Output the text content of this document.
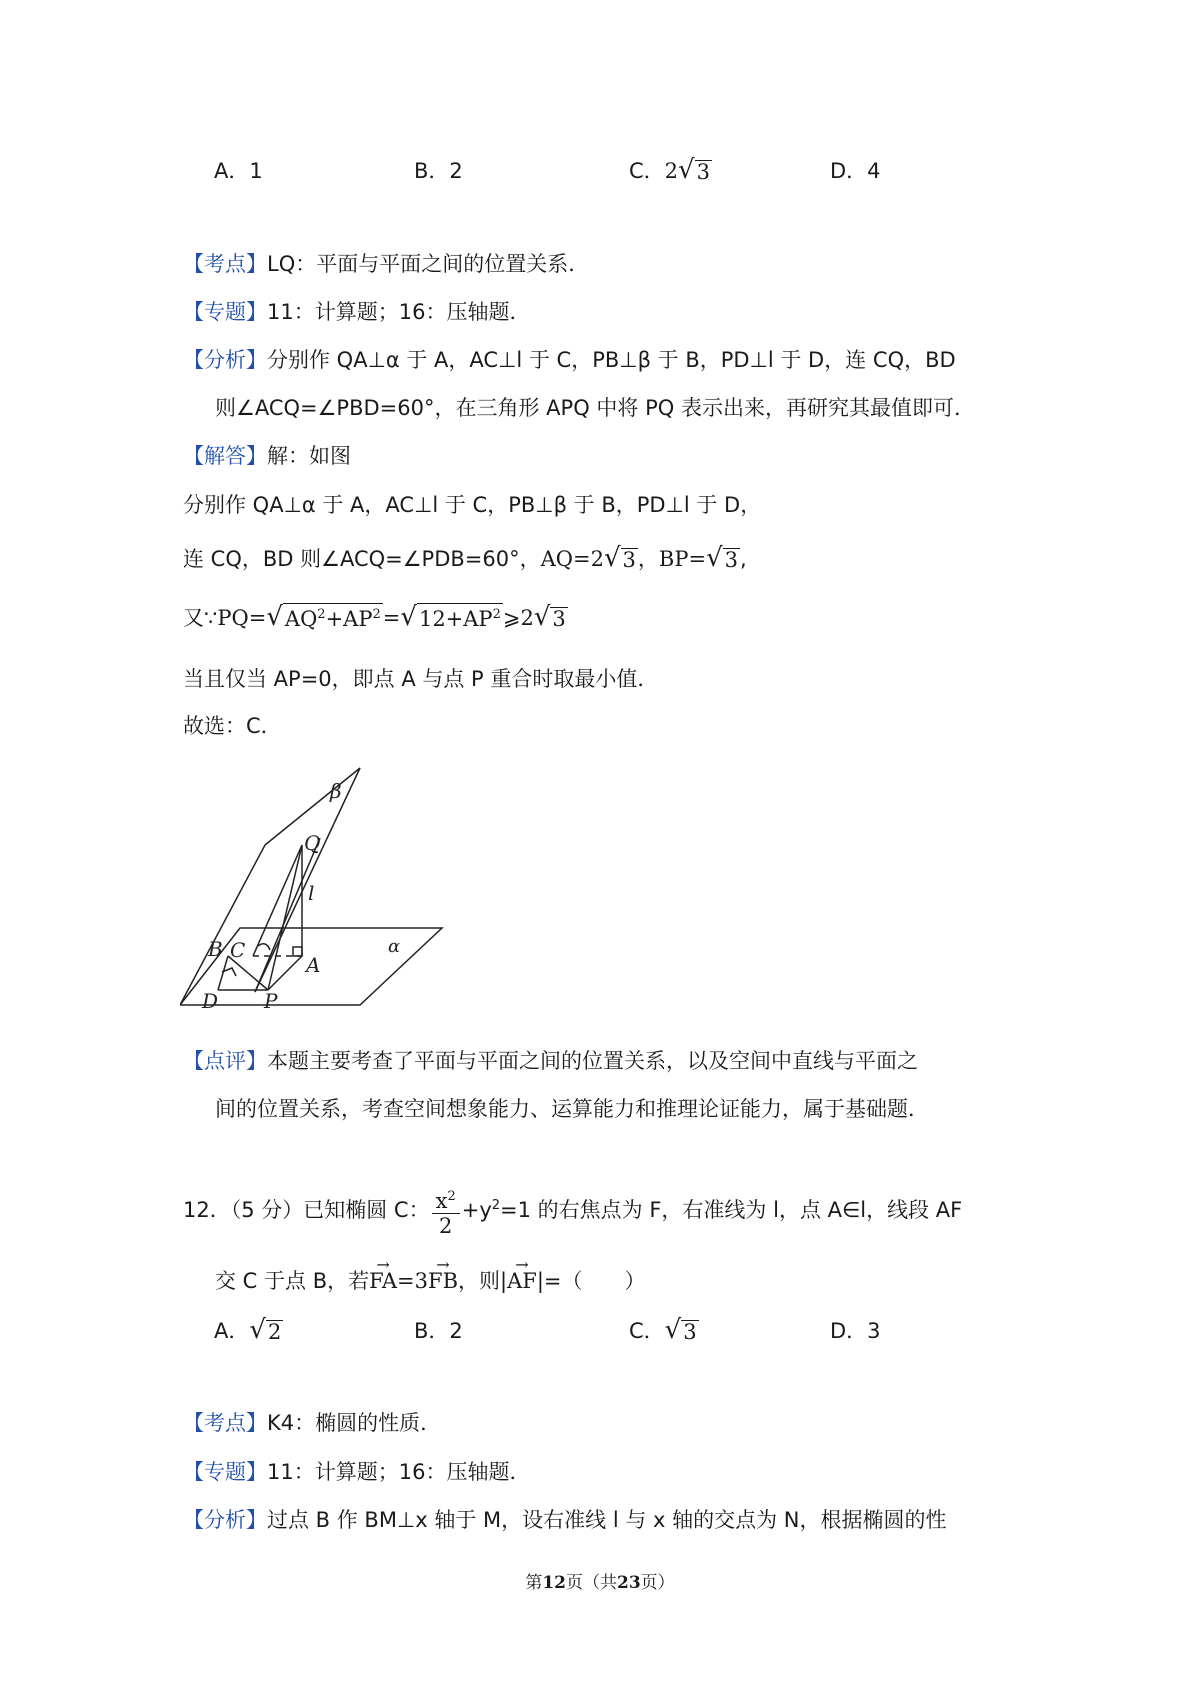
A．1	B．2	C．2 √ 3	D．4
【考点】LQ：平面与平面之间的位置关系．
【专题】11：计算题；16：压轴题．
【分析】分别作 QA⊥α 于 A，AC⊥l 于 C，PB⊥β 于 B，PD⊥l 于 D，连 CQ，BD
则∠ACQ=∠PBD=60°，在三角形 APQ 中将 PQ 表示出来，再研究其最值即可．
【解答】解：如图
分别作 QA⊥α 于 A，AC⊥l 于 C，PB⊥β 于 B，PD⊥l 于 D，
连 CQ，BD 则∠ACQ=∠PDB=60°，AQ=2 √ 3 ，BP= √ 3 ,
又∵PQ= √ $AQ^2+AP^2$ = √ $12+AP^2$ ⩾2 √ 3
当且仅当 AP=0，即点 A 与点 P 重合时取最小值．
故选：C．
β
Q
l
α
B C
A
D P
【点评】本题主要考查了平面与平面之间的位置关系，以及空间中直线与平面之
间的位置关系，考查空间想象能力、运算能力和推理论证能力，属于基础题．
12．（5 分）已知椭圆 C： $\frac{x^2}{2} +y^2=1$ 的右焦点为 F，右准线为 l，点 A∈l，线段 AF
交 C 于点 B，若FA →=3FB →，则|AF →|=（　　）
A． √ 2	B．2	C． √ 3	D．3
【考点】K4：椭圆的性质．
【专题】11：计算题；16：压轴题．
【分析】过点 B 作 BM⊥x 轴于 M，设右准线 l 与 x 轴的交点为 N，根据椭圆的性
第12页（共23页）
